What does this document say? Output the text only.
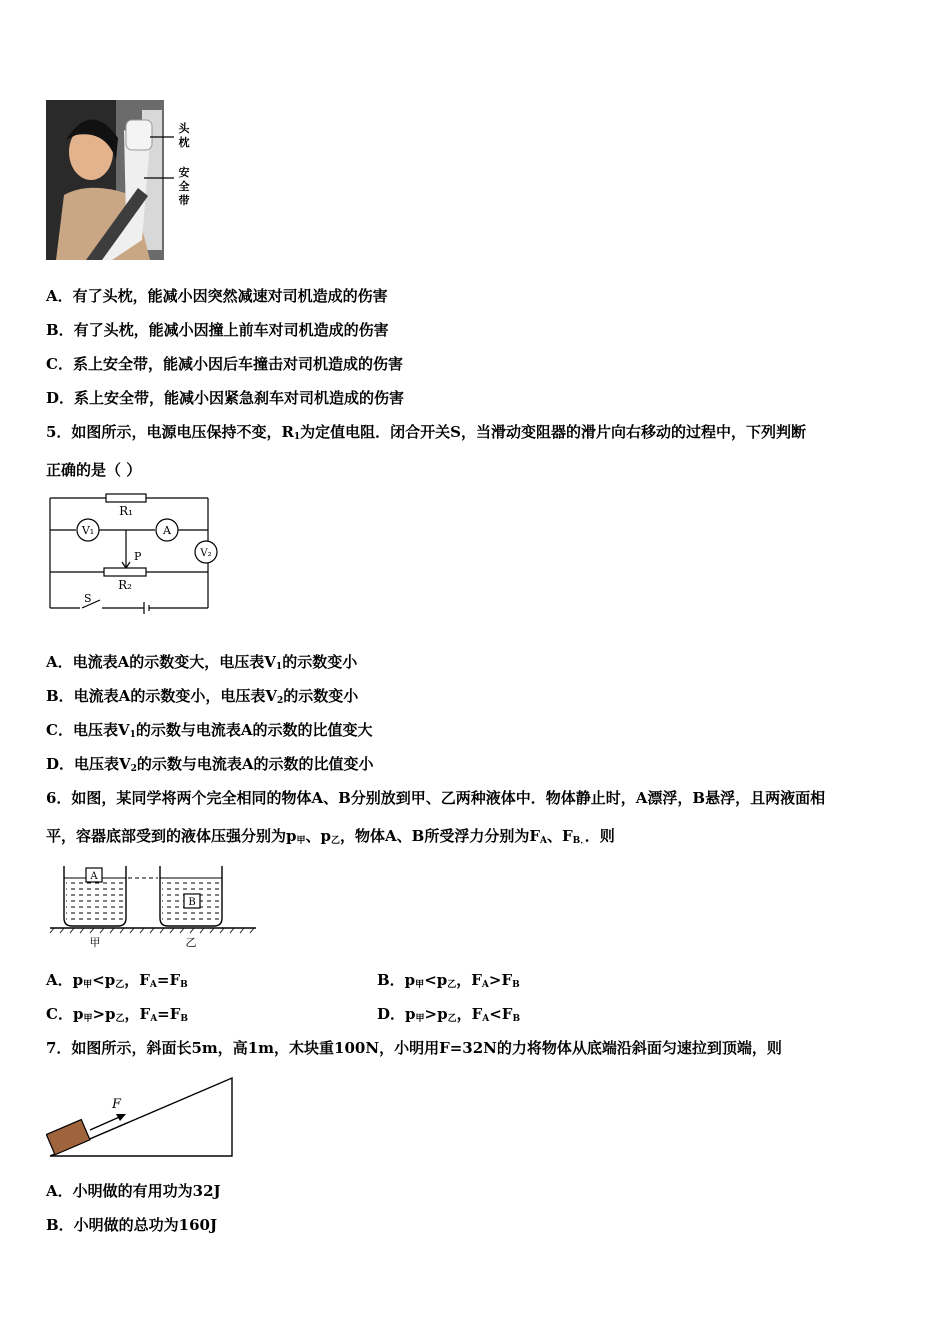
头
枕
安
全
带
A．有了头枕，能减小因突然减速对司机造成的伤害
B．有了头枕，能减小因撞上前车对司机造成的伤害
C．系上安全带，能减小因后车撞击对司机造成的伤害
D．系上安全带，能减小因紧急刹车对司机造成的伤害
5．如图所示，电源电压保持不变，$R_1$为定值电阻．闭合开关S，当滑动变阻器的滑片向右移动的过程中，下列判断
正确的是（ ）
R₁
V₁	A
V₂
P
R₂
S
A．电流表A的示数变大，电压表$V_1$的示数变小
B．电流表A的示数变小，电压表$V_2$的示数变小
C．电压表$V_1$的示数与电流表A的示数的比值变大
D．电压表$V_2$的示数与电流表A的示数的比值变小
6．如图，某同学将两个完全相同的物体A、B分别放到甲、乙两种液体中．物体静止时，A漂浮，B悬浮，且两液面相
平，容器底部受到的液体压强分别为$p_甲$、$p_乙$，物体A、B所受浮力分别为$F_A$、$F_{B.}$．则
A
B
甲	乙
A．$p_甲<p_乙$，$F_A=F_B$	B．$p_甲<p_乙$，$F_A>F_B$
C．$p_甲>p_乙$，$F_A=F_B$	D．$p_甲>p_乙$，$F_A<F_B$
7．如图所示，斜面长5m，高1m，木块重100N，小明用F=32N的力将物体从底端沿斜面匀速拉到顶端，则
F
A．小明做的有用功为32J
B．小明做的总功为160J
